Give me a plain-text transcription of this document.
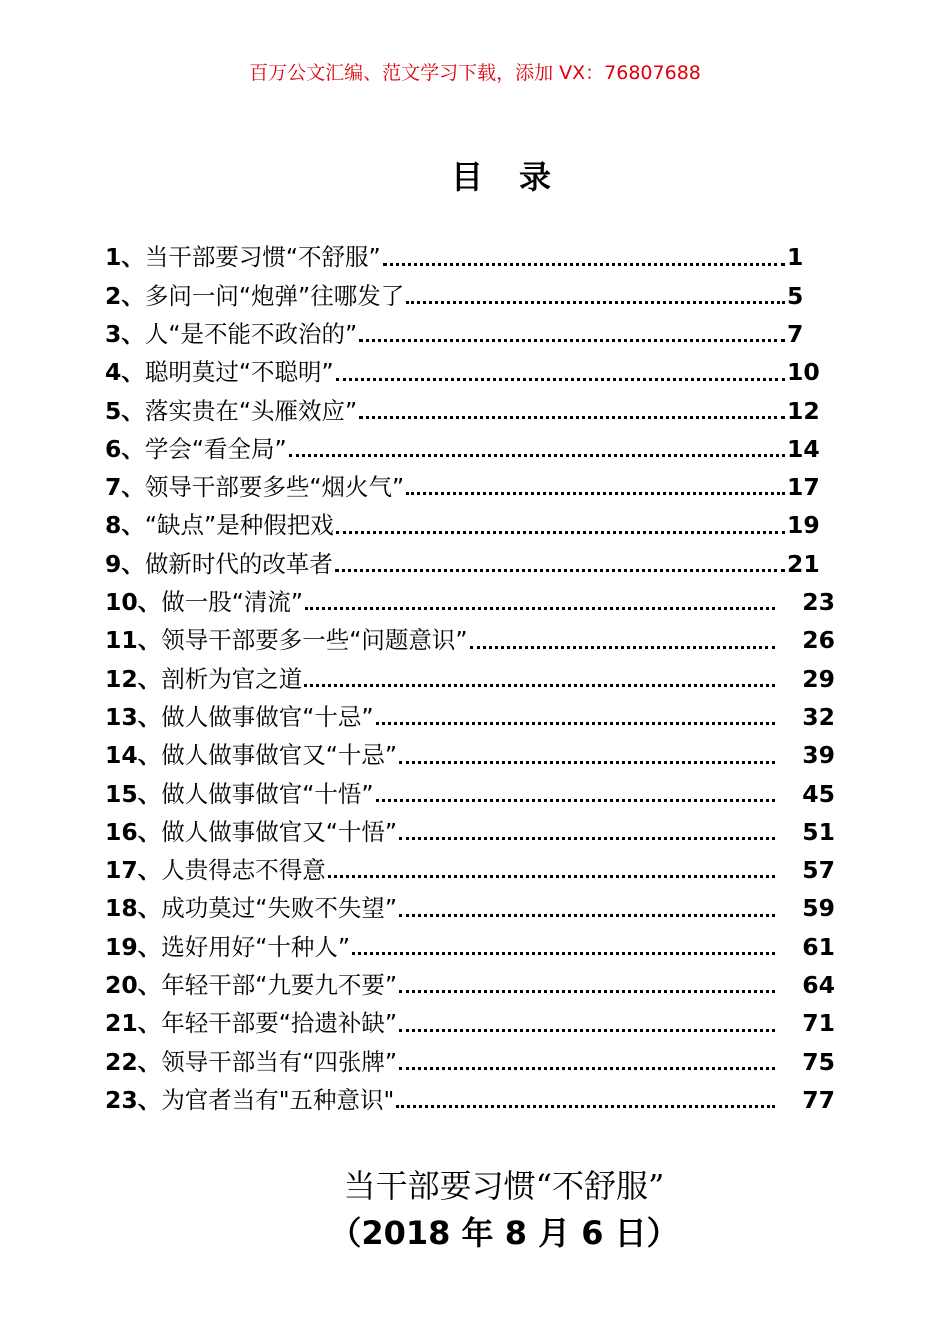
百万公文汇编、范文学习下载，添加 VX：76807688
目 录
1、 当干部要习惯“不舒服”	1
2、 多问一问“炮弹”往哪发了	5
3、 人“是不能不政治的”	7
4、 聪明莫过“不聪明”	10
5、 落实贵在“头雁效应”	12
6、 学会“看全局”	14
7、 领导干部要多些“烟火气”	17
8、 “缺点”是种假把戏	19
9、 做新时代的改革者	21
10、 做一股“清流”	23
11、 领导干部要多一些“问题意识”	26
12、 剖析为官之道	29
13、 做人做事做官“十忌”	32
14、 做人做事做官又“十忌”	39
15、 做人做事做官“十悟”	45
16、 做人做事做官又“十悟”	51
17、 人贵得志不得意	57
18、 成功莫过“失败不失望”	59
19、 选好用好“十种人”	61
20、 年轻干部“九要九不要”	64
21、 年轻干部要“拾遗补缺”	71
22、 领导干部当有“四张牌”	75
23、 为官者当有"五种意识"	77
当干部要习惯“不舒服”
（2018 年 8 月 6 日）
